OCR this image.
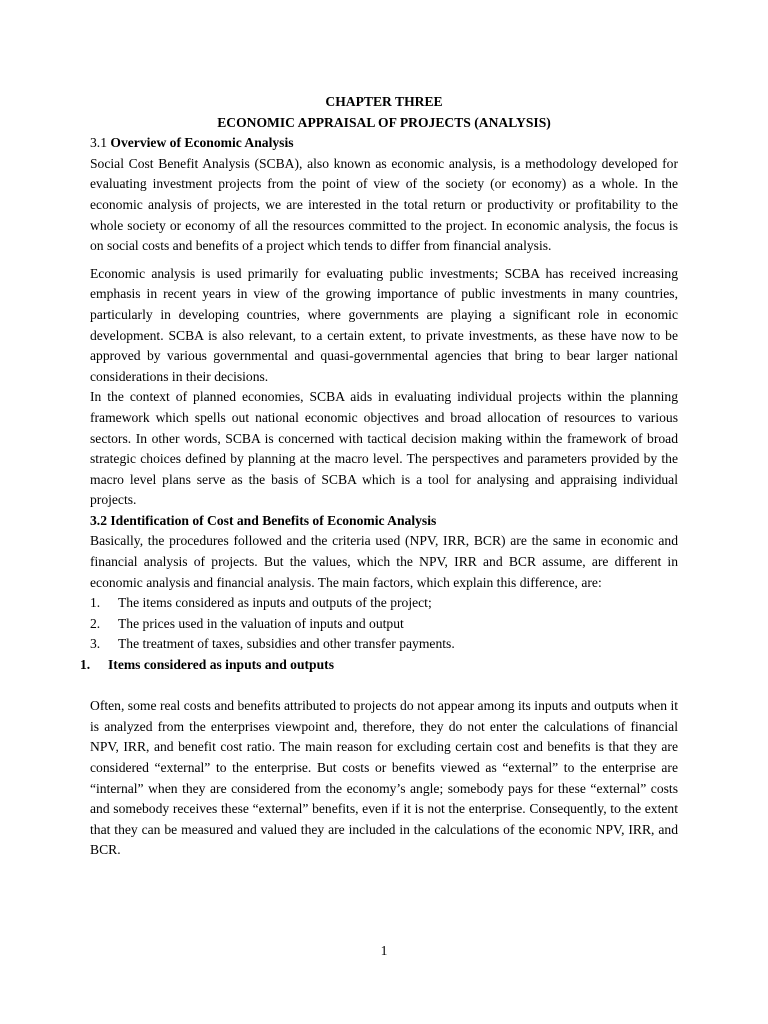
CHAPTER THREE
ECONOMIC APPRAISAL OF PROJECTS (ANALYSIS)

3.1 Overview of Economic Analysis

Social Cost Benefit Analysis (SCBA), also known as economic analysis, is a methodology developed for evaluating investment projects from the point of view of the society (or economy) as a whole. In the economic analysis of projects, we are interested in the total return or productivity or profitability to the whole society or economy of all the resources committed to the project. In economic analysis, the focus is on social costs and benefits of a project which tends to differ from financial analysis.

Economic analysis is used primarily for evaluating public investments; SCBA has received increasing emphasis in recent years in view of the growing importance of public investments in many countries, particularly in developing countries, where governments are playing a significant role in economic development. SCBA is also relevant, to a certain extent, to private investments, as these have now to be approved by various governmental and quasi-governmental agencies that bring to bear larger national considerations in their decisions.

In the context of planned economies, SCBA aids in evaluating individual projects within the planning framework which spells out national economic objectives and broad allocation of resources to various sectors. In other words, SCBA is concerned with tactical decision making within the framework of broad strategic choices defined by planning at the macro level. The perspectives and parameters provided by the macro level plans serve as the basis of SCBA which is a tool for analysing and appraising individual projects.

3.2 Identification of Cost and Benefits of Economic Analysis

Basically, the procedures followed and the criteria used (NPV, IRR, BCR) are the same in economic and financial analysis of projects. But the values, which the NPV, IRR and BCR assume, are different in economic analysis and financial analysis. The main factors, which explain this difference, are:

1.	The items considered as inputs and outputs of the project;
2.	The prices used in the valuation of inputs and output
3.	The treatment of taxes, subsidies and other transfer payments.
1.	Items considered as inputs and outputs

Often, some real costs and benefits attributed to projects do not appear among its inputs and outputs when it is analyzed from the enterprises viewpoint and, therefore, they do not enter the calculations of financial NPV, IRR, and benefit cost ratio. The main reason for excluding certain cost and benefits is that they are considered “external” to the enterprise. But costs or benefits viewed as “external” to the enterprise are “internal” when they are considered from the economy’s angle; somebody pays for these “external” costs and somebody receives these “external” benefits, even if it is not the enterprise. Consequently, to the extent that they can be measured and valued they are included in the calculations of the economic NPV, IRR, and BCR.

1
